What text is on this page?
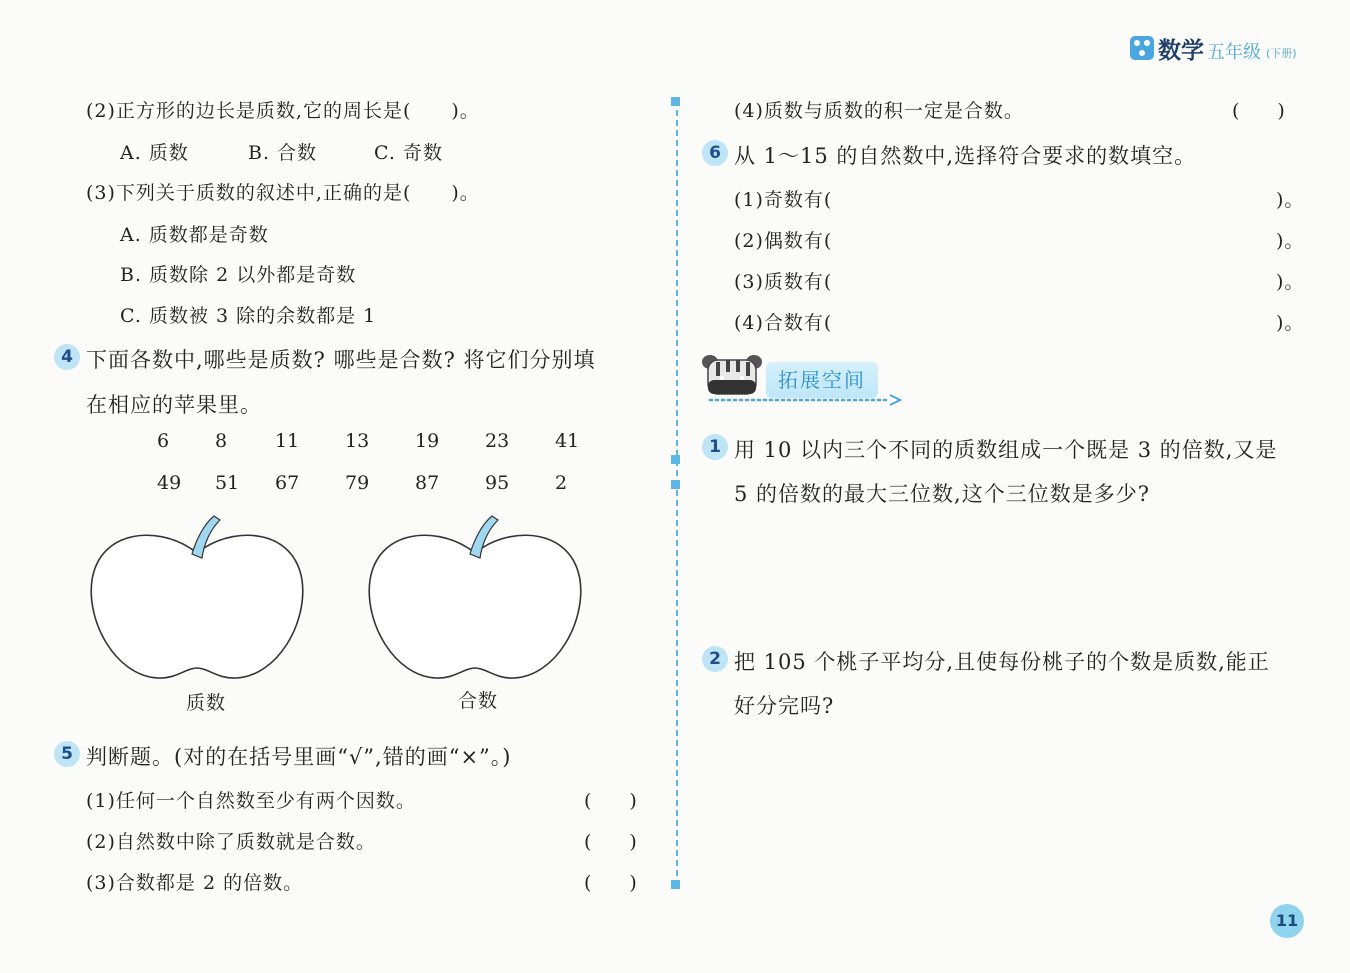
数学 五年级 (下册)
(2)正方形的边长是质数,它的周长是(　　)。
A. 质数	B. 合数	C. 奇数
(3)下列关于质数的叙述中,正确的是(　　)。
A. 质数都是奇数
B. 质数除 2 以外都是奇数
C. 质数被 3 除的余数都是 1
4 下面各数中,哪些是质数? 哪些是合数? 将它们分别填
在相应的苹果里。
6 8	11 13 19 23 41
49 51 67 79 87 95 2
质数	合数
5 判断题。(对的在括号里画“√”,错的画“×”。)
(1)任何一个自然数至少有两个因数。	(　　)
(2)自然数中除了质数就是合数。	(　　)
(3)合数都是 2 的倍数。	(　　)
(4)质数与质数的积一定是合数。	(　　)
6 从 1～15 的自然数中,选择符合要求的数填空。
(1)奇数有(	)。
(2)偶数有(	)。
(3)质数有(	)。
(4)合数有(	)。
拓展空间
1 用 10 以内三个不同的质数组成一个既是 3 的倍数,又是
5 的倍数的最大三位数,这个三位数是多少?
2 把 105 个桃子平均分,且使每份桃子的个数是质数,能正
好分完吗?
11
